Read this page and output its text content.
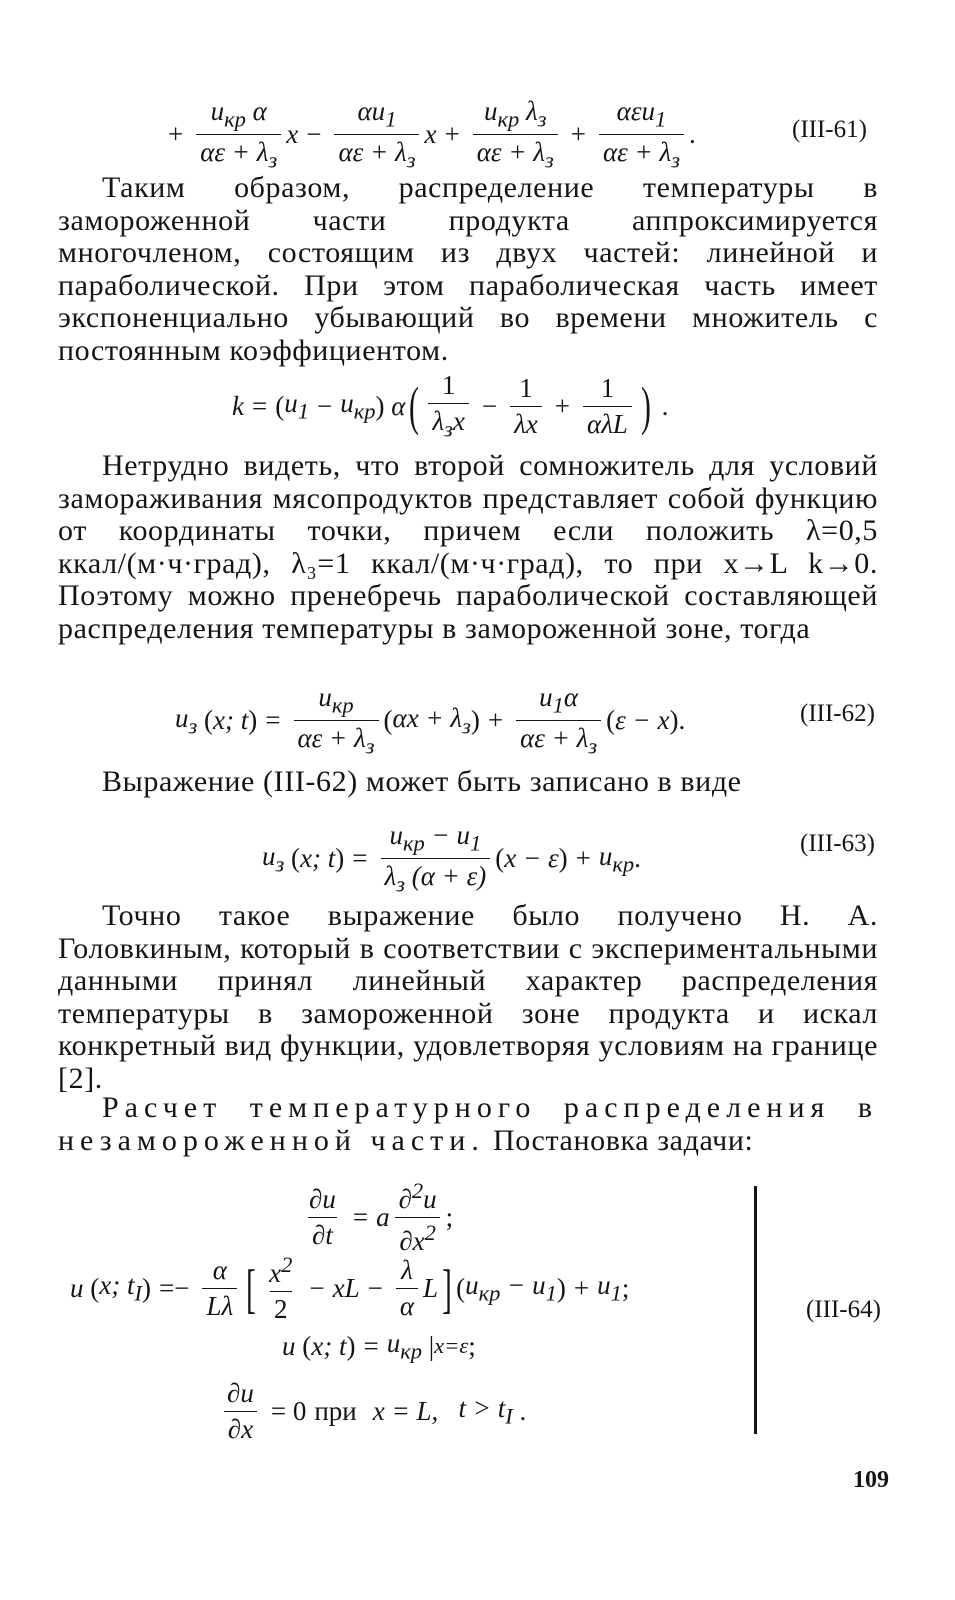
+ $\frac{u_{кр} \alpha}{\alpha\varepsilon + \lambda_з}$ $x - \frac{\alpha u_1}{\alpha\varepsilon + \lambda_з}$ $x + \frac{u_{кр} \lambda_з}{\alpha\varepsilon + \lambda_з} + \frac{\alpha\varepsilon u_1}{\alpha\varepsilon + \lambda_з}$ .	(III-61)

Таким образом, распределение температуры в замороженной части продукта аппроксимируется многочленом, состоящим из двух частей: линейной и параболической. При этом параболическая часть имеет экспоненциально убывающий во времени множитель с постоянным коэффициентом.

k = ( $u_1 - u_{кр}$ )
α ( $\frac{1}{\lambda_зx} - \frac{1}{\lambda x} + \frac{1}{\text{αλL}}$ ) .

Нетрудно видеть, что второй сомножитель для условий замораживания мясопродуктов представляет собой функцию от координаты точки, причем если положить λ=0,5 ккал/(м·ч·град), λ₃=1 ккал/(м·ч·град), то при x→L k→0. Поэтому можно пренебречь параболической составляющей распределения температуры в замороженной зоне, тогда

$u_з$
( x; t ) = $\frac{u_{кр}}{\alpha\varepsilon + \lambda_з}$ ( $\alpha x + \lambda_з$ ) + $\frac{u_1\alpha}{\alpha\varepsilon + \lambda_з}$ ( ε − x ).	(III-62)

Выражение (III-62) может быть записано в виде

$u_з$
( x; t ) = $\frac{u_{кр} - u_1}{\lambda_з (\alpha + \varepsilon)}$ ( x − ε ) + $u_{кр}$ .	(III-63)

Точно такое выражение было получено Н. А. Головкиным, который в соответствии с экспериментальными данными принял линейный характер распределения температуры в замороженной зоне продукта и искал конкретный вид функции, удовлетворяя условиям на границе [2].

Расчет температурного распределения в незамороженной части. Постановка задачи:

$\frac{\partial u}{\partial t} = a \frac{\partial^2u}{\partial x^2}$ ;
u
( x; $t_I$ ) =− $\frac{\alpha}{L\lambda}$ [ $\frac{x^2}{2}$ − xL − $\frac{\lambda}{\alpha}$ L ] ( $u_{кр} - u_1$ ) + $u_1$ ;
u
( x; t ) = $u_{кр}$
| x=ε ;
$\frac{\partial u}{\partial x} = 0$ при x = L,
$t > t_I$
.
(III-64)
109
